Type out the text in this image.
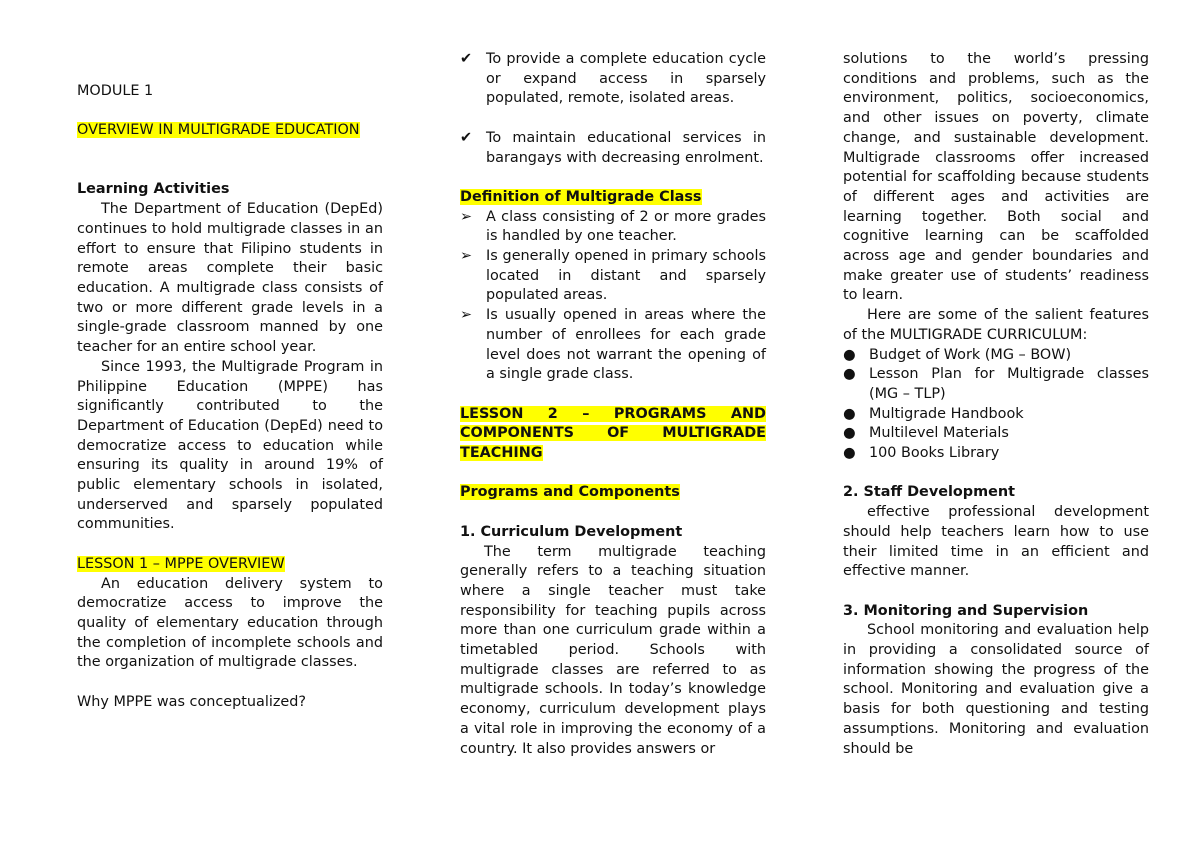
MODULE 1

OVERVIEW IN MULTIGRADE EDUCATION

Learning Activities

The Department of Education (DepEd) continues to hold multigrade classes in an effort to ensure that Filipino students in remote areas complete their basic education. A multigrade class consists of two or more different grade levels in a single-grade classroom manned by one teacher for an entire school year.

Since 1993, the Multigrade Program in Philippine Education (MPPE) has significantly contributed to the Department of Education (DepEd) need to democratize access to education while ensuring its quality in around 19% of public elementary schools in isolated, underserved and sparsely populated communities.

LESSON 1 – MPPE OVERVIEW

An education delivery system to democratize access to improve the quality of elementary education through the completion of incomplete schools and the organization of multigrade classes.

Why MPPE was conceptualized?

✔ To provide a complete education cycle or expand access in sparsely populated, remote, isolated areas.

✔ To maintain educational services in barangays with decreasing enrolment.

Definition of Multigrade Class

➢ A class consisting of 2 or more grades is handled by one teacher.

➢ Is generally opened in primary schools located in distant and sparsely populated areas.

➢ Is usually opened in areas where the number of enrollees for each grade level does not warrant the opening of a single grade class.

LESSON 2 – PROGRAMS AND COMPONENTS OF MULTIGRADE TEACHING

Programs and Components

1. Curriculum Development

The term multigrade teaching generally refers to a teaching situation where a single teacher must take responsibility for teaching pupils across more than one curriculum grade within a timetabled period. Schools with multigrade classes are referred to as multigrade schools. In today’s knowledge economy, curriculum development plays a vital role in improving the economy of a country. It also provides answers or

solutions to the world’s pressing conditions and problems, such as the environment, politics, socioeconomics, and other issues on poverty, climate change, and sustainable development. Multigrade classrooms offer increased potential for scaffolding because students of different ages and activities are learning together. Both social and cognitive learning can be scaffolded across age and gender boundaries and make greater use of students’ readiness to learn.

Here are some of the salient features of the MULTIGRADE CURRICULUM:

● Budget of Work (MG – BOW)

● Lesson Plan for Multigrade classes (MG – TLP)

● Multigrade Handbook

● Multilevel Materials

● 100 Books Library

2. Staff Development

effective professional development should help teachers learn how to use their limited time in an efficient and effective manner.

3. Monitoring and Supervision

School monitoring and evaluation help in providing a consolidated source of information showing the progress of the school. Monitoring and evaluation give a basis for both questioning and testing assumptions. Monitoring and evaluation should be
